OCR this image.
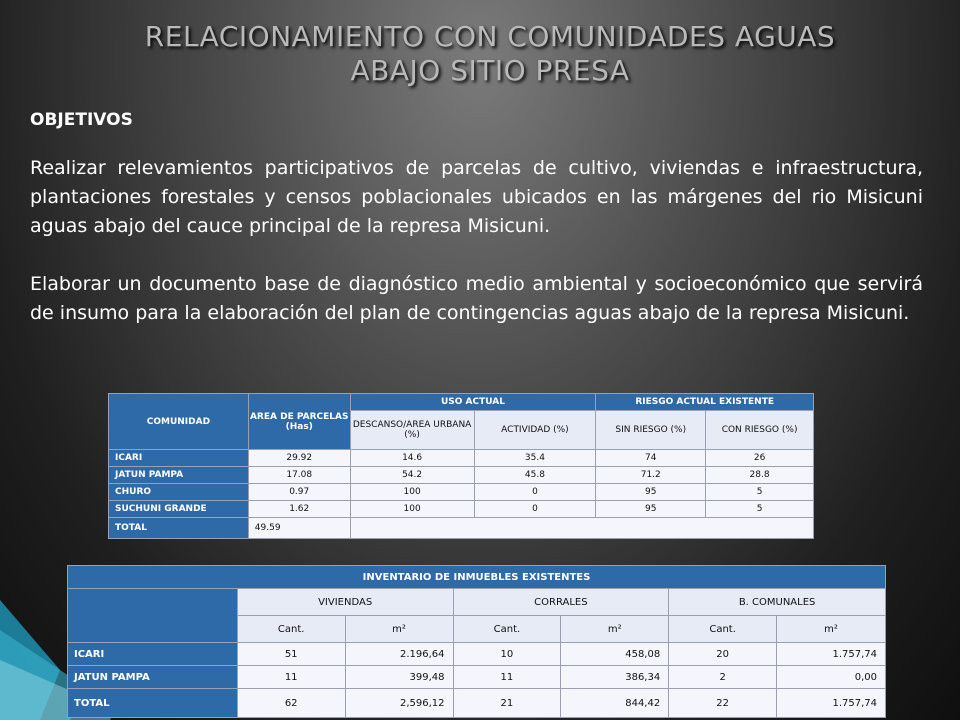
RELACIONAMIENTO CON COMUNIDADES AGUAS
ABAJO SITIO PRESA
OBJETIVOS

Realizar relevamientos participativos de parcelas de cultivo, viviendas e infraestructura, plantaciones forestales y censos poblacionales ubicados en las márgenes del rio Misicuni aguas abajo del cauce principal de la represa Misicuni.

Elaborar un documento base de diagnóstico medio ambiental y socioeconómico que servirá de insumo para la elaboración del plan de contingencias aguas abajo de la represa Misicuni.

COMUNIDAD	AREA DE PARCELAS (Has)	USO ACTUAL		RIESGO ACTUAL EXISTENTE	
		DESCANSO/AREA URBANA (%)	ACTIVIDAD (%)	SIN RIESGO (%)	CON RIESGO (%)
ICARI	29.92	14.6	35.4	74	26
JATUN PAMPA	17.08	54.2	45.8	71.2	28.8
CHURO	0.97	100	0	95	5
SUCHUNI GRANDE	1.62	100	0	95	5
TOTAL	49.59				
INVENTARIO DE INMUEBLES EXISTENTES						
	VIVIENDAS		CORRALES		B. COMUNALES	
	Cant.	m²	Cant.	m²	Cant.	m²
ICARI	51	2.196,64	10	458,08	20	1.757,74
JATUN PAMPA	11	399,48	11	386,34	2	0,00
TOTAL	62	2,596,12	21	844,42	22	1.757,74
